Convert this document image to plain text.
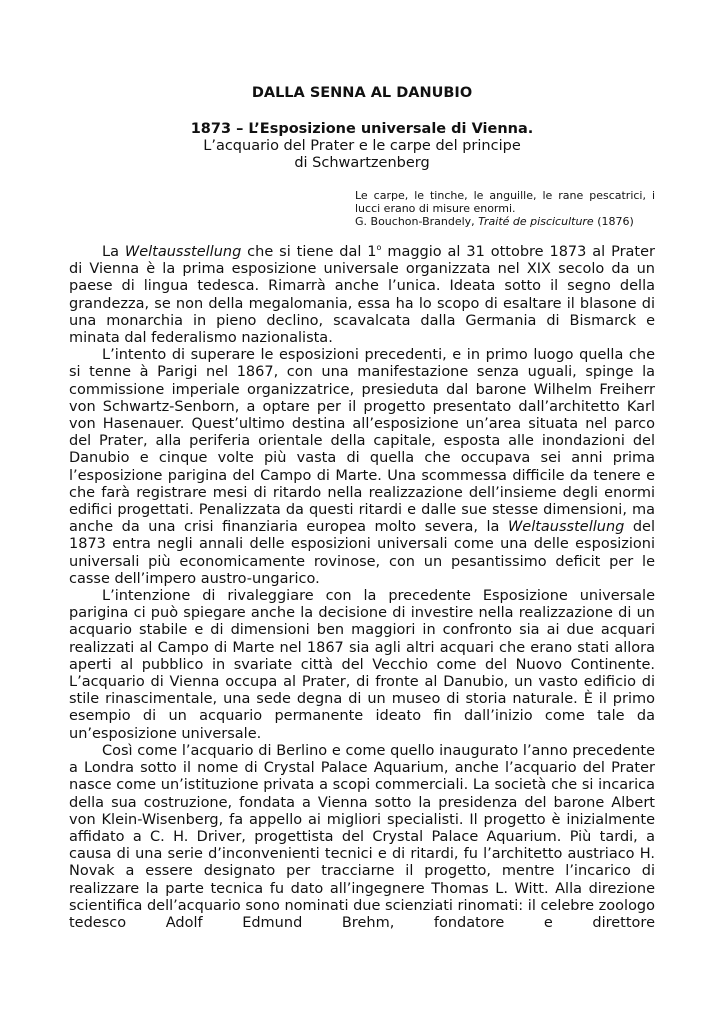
DALLA SENNA AL DANUBIO
1873 – L’Esposizione universale di Vienna.
L’acquario del Prater e le carpe del principe
di Schwartzenberg
Le carpe, le tinche, le anguille, le rane pescatrici, i lucci erano di misure enormi.
G. Bouchon-Brandely, Traité de pisciculture (1876)

La Weltausstellung che si tiene dal 1$^o$ maggio al 31 ottobre 1873 al Prater di Vienna è la prima esposizione universale organizzata nel XIX secolo da un paese di lingua tedesca. Rimarrà anche l’unica. Ideata sotto il segno della grandezza, se non della megalomania, essa ha lo scopo di esaltare il blasone di una monarchia in pieno declino, scavalcata dalla Germania di Bismarck e minata dal federalismo nazionalista.

L’intento di superare le esposizioni precedenti, e in primo luogo quella che si tenne à Parigi nel 1867, con una manifestazione senza uguali, spinge la commissione imperiale organizzatrice, presieduta dal barone Wilhelm Freiherr von Schwartz-Senborn, a optare per il progetto presentato dall’architetto Karl von Hasenauer. Quest’ultimo destina all’esposizione un’area situata nel parco del Prater, alla periferia orientale della capitale, esposta alle inondazioni del Danubio e cinque volte più vasta di quella che occupava sei anni prima l’esposizione parigina del Campo di Marte. Una scommessa difficile da tenere e che farà registrare mesi di ritardo nella realizzazione dell’insieme degli enormi edifici progettati. Penalizzata da questi ritardi e dalle sue stesse dimensioni, ma anche da una crisi finanziaria europea molto severa, la Weltausstellung del 1873 entra negli annali delle esposizioni universali come una delle esposizioni universali più economicamente rovinose, con un pesantissimo deficit per le casse dell’impero austro-ungarico.

L’intenzione di rivaleggiare con la precedente Esposizione universale parigina ci può spiegare anche la decisione di investire nella realizzazione di un acquario stabile e di dimensioni ben maggiori in confronto sia ai due acquari realizzati al Campo di Marte nel 1867 sia agli altri acquari che erano stati allora aperti al pubblico in svariate città del Vecchio come del Nuovo Continente. L’acquario di Vienna occupa al Prater, di fronte al Danubio, un vasto edificio di stile rinascimentale, una sede degna di un museo di storia naturale. È il primo esempio di un acquario permanente ideato fin dall’inizio come tale da un’esposizione universale.

Così come l’acquario di Berlino e come quello inaugurato l’anno precedente a Londra sotto il nome di Crystal Palace Aquarium, anche l’acquario del Prater nasce come un’istituzione privata a scopi commerciali. La società che si incarica della sua costruzione, fondata a Vienna sotto la presidenza del barone Albert von Klein-Wisenberg, fa appello ai migliori specialisti. Il progetto è inizialmente affidato a C. H. Driver, progettista del Crystal Palace Aquarium. Più tardi, a causa di una serie d’inconvenienti tecnici e di ritardi, fu l’architetto austriaco H. Novak a essere designato per tracciarne il progetto, mentre l’incarico di realizzare la parte tecnica fu dato all’ingegnere Thomas L. Witt. Alla direzione scientifica dell’acquario sono nominati due scienziati rinomati: il celebre zoologo tedesco Adolf Edmund Brehm, fondatore e direttore
